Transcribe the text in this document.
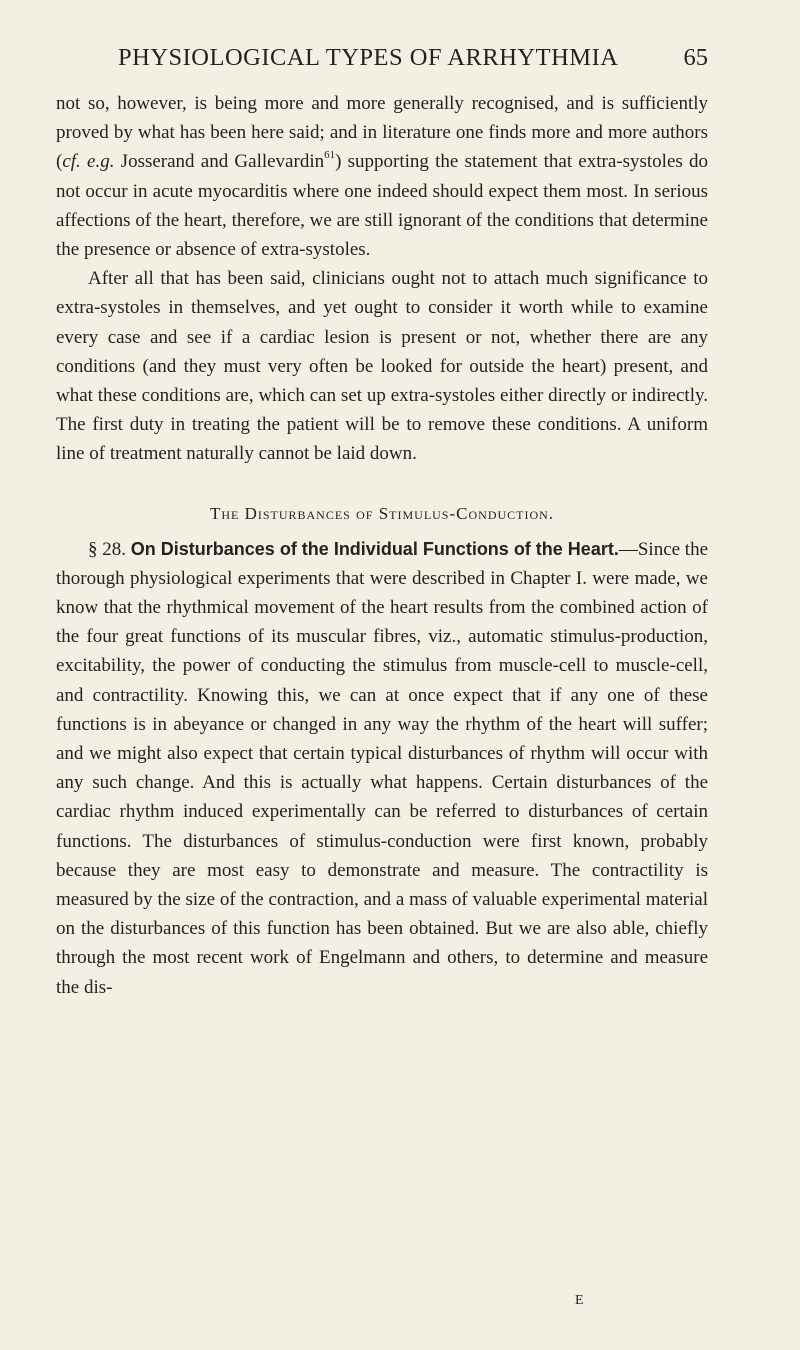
PHYSIOLOGICAL TYPES OF ARRHYTHMIA	65

not so, however, is being more and more generally recognised, and is sufficiently proved by what has been here said; and in literature one finds more and more authors (cf. e.g. Josserand and Gallevardin$^{61}$) supporting the statement that extra-systoles do not occur in acute myocarditis where one indeed should expect them most. In serious affections of the heart, therefore, we are still ignorant of the conditions that determine the presence or absence of extra-systoles.

After all that has been said, clinicians ought not to attach much significance to extra-systoles in themselves, and yet ought to consider it worth while to examine every case and see if a cardiac lesion is present or not, whether there are any conditions (and they must very often be looked for outside the heart) present, and what these conditions are, which can set up extra-systoles either directly or indirectly. The first duty in treating the patient will be to remove these conditions. A uniform line of treatment naturally cannot be laid down.

The Disturbances of Stimulus-Conduction.

§ 28. On Disturbances of the Individual Functions of the Heart.—Since the thorough physiological experiments that were described in Chapter I. were made, we know that the rhythmical movement of the heart results from the combined action of the four great functions of its muscular fibres, viz., automatic stimulus-production, excitability, the power of conducting the stimulus from muscle-cell to muscle-cell, and contractility. Knowing this, we can at once expect that if any one of these functions is in abeyance or changed in any way the rhythm of the heart will suffer; and we might also expect that certain typical disturbances of rhythm will occur with any such change. And this is actually what happens. Certain disturbances of the cardiac rhythm induced experimentally can be referred to disturbances of certain functions. The disturbances of stimulus-conduction were first known, probably because they are most easy to demonstrate and measure. The contractility is measured by the size of the contraction, and a mass of valuable experimental material on the disturbances of this function has been obtained. But we are also able, chiefly through the most recent work of Engelmann and others, to determine and measure the dis-

E
